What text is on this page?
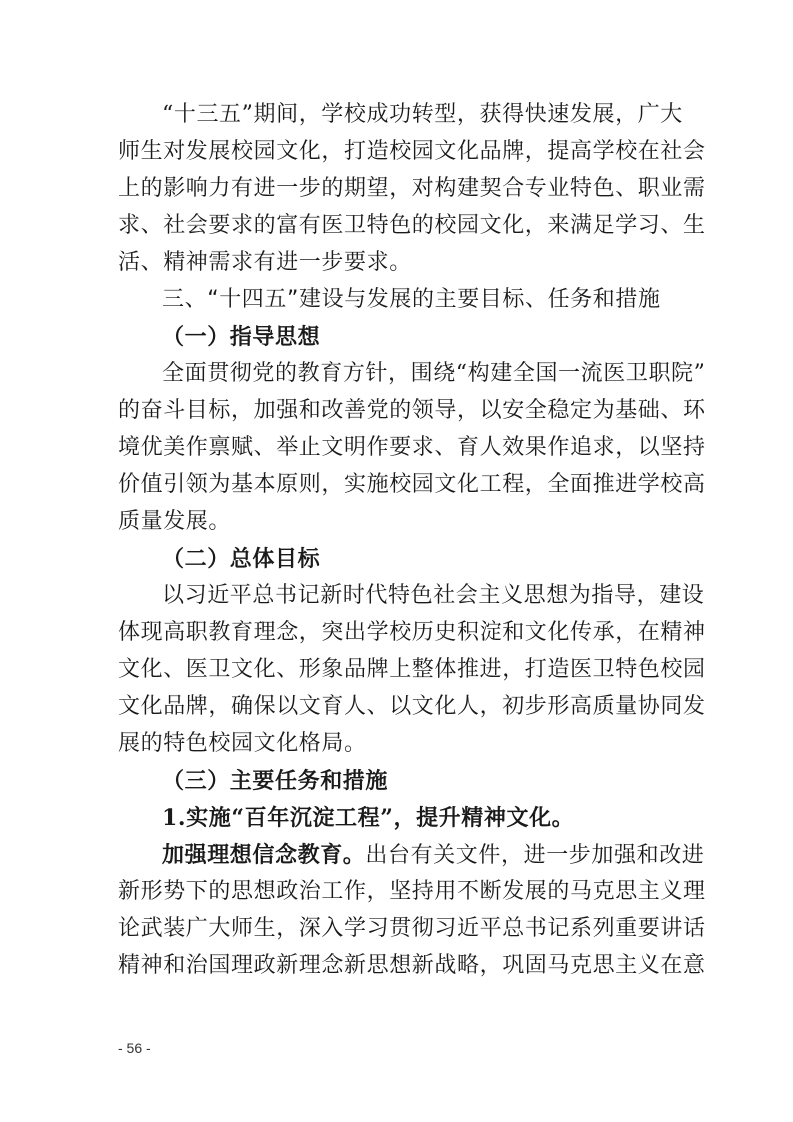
“十三五”期间，学校成功转型，获得快速发展，广大
师生对发展校园文化，打造校园文化品牌，提高学校在社会
上的影响力有进一步的期望，对构建契合专业特色、职业需
求、社会要求的富有医卫特色的校园文化，来满足学习、生
活、精神需求有进一步要求。
三、“十四五”建设与发展的主要目标、任务和措施
（一）指导思想
全面贯彻党的教育方针，围绕“构建全国一流医卫职院”
的奋斗目标，加强和改善党的领导，以安全稳定为基础、环
境优美作禀赋、举止文明作要求、育人效果作追求，以坚持
价值引领为基本原则，实施校园文化工程，全面推进学校高
质量发展。
（二）总体目标
以习近平总书记新时代特色社会主义思想为指导，建设
体现高职教育理念，突出学校历史积淀和文化传承，在精神
文化、医卫文化、形象品牌上整体推进，打造医卫特色校园
文化品牌，确保以文育人、以文化人，初步形高质量协同发
展的特色校园文化格局。
（三）主要任务和措施
1.实施“百年沉淀工程”，提升精神文化。
加强理想信念教育。出台有关文件，进一步加强和改进
新形势下的思想政治工作，坚持用不断发展的马克思主义理
论武装广大师生，深入学习贯彻习近平总书记系列重要讲话
精神和治国理政新理念新思想新战略，巩固马克思主义在意
- 56 -
